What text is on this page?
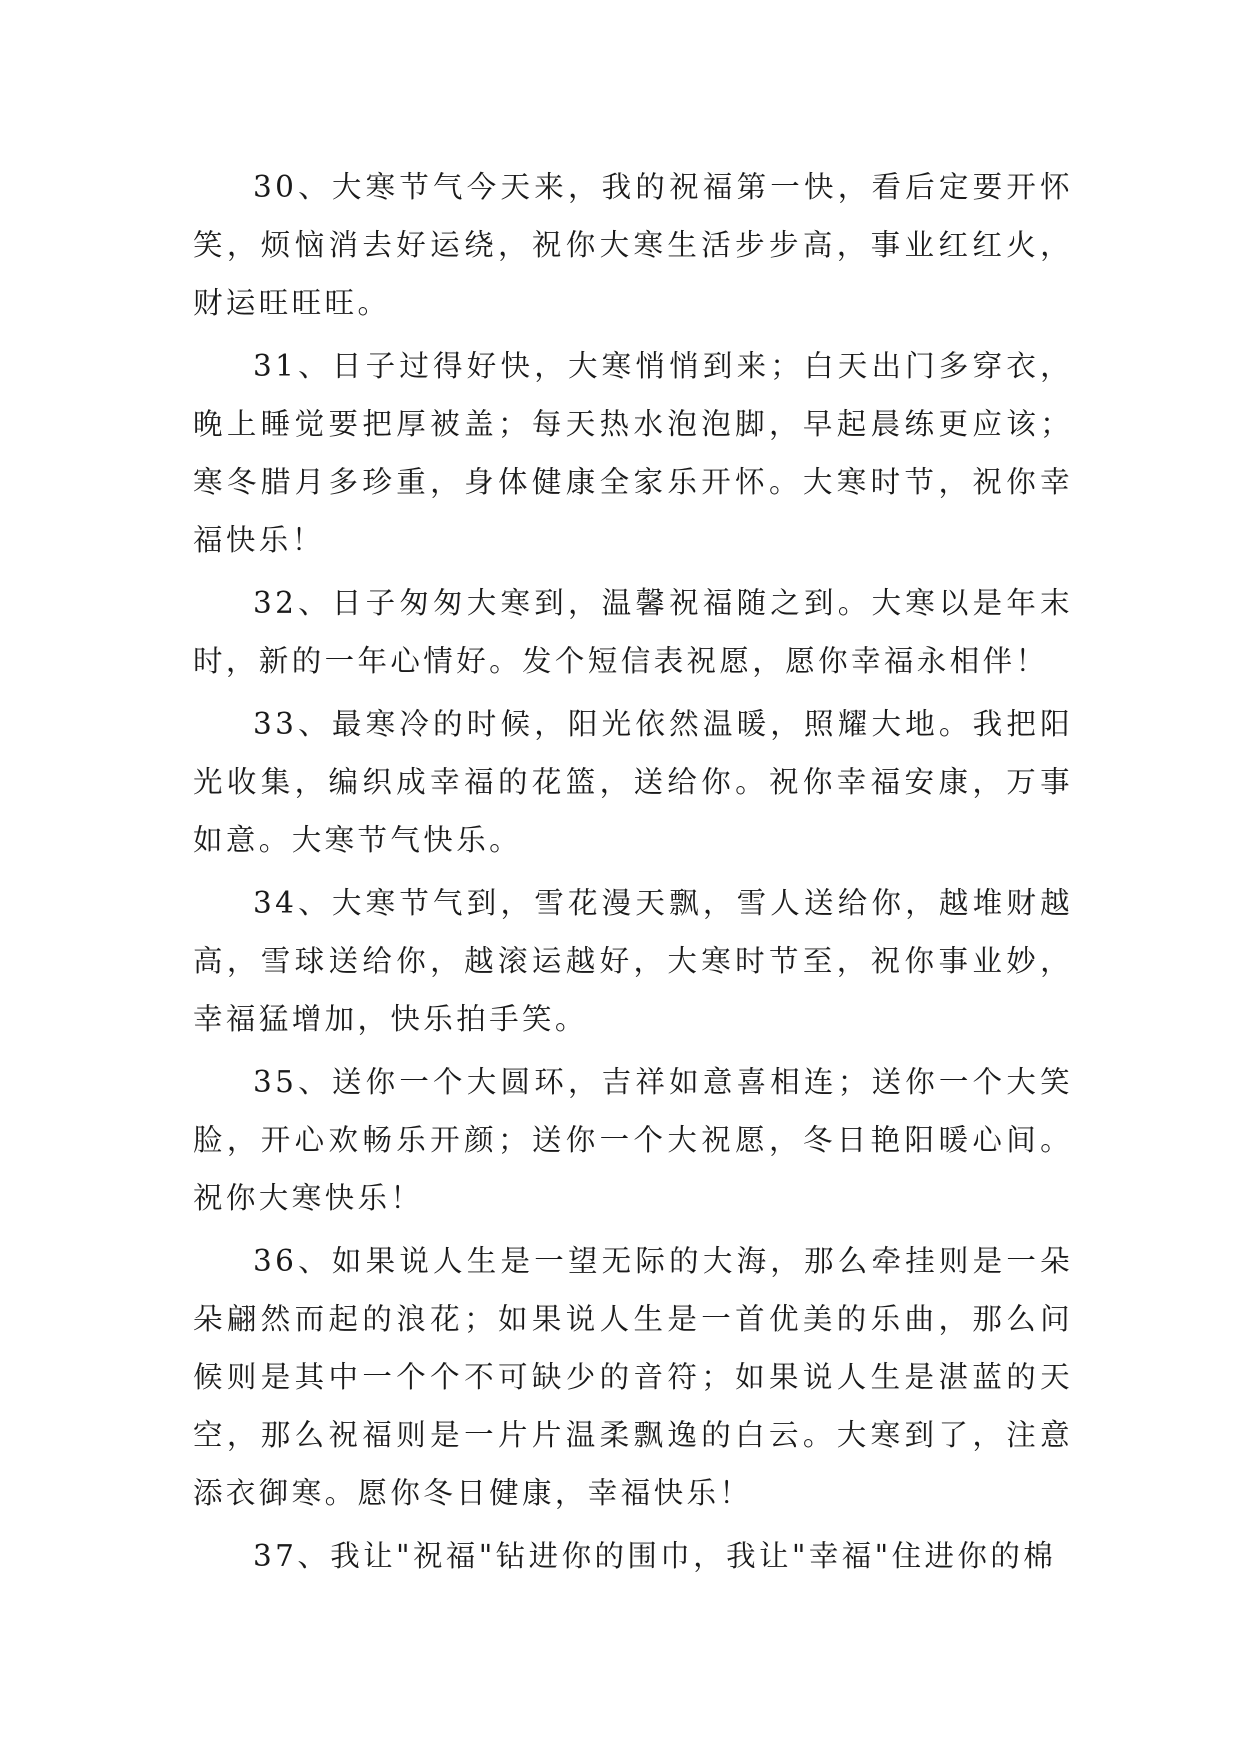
30、大寒节气今天来，我的祝福第一快，看后定要开怀笑，烦恼消去好运绕，祝你大寒生活步步高，事业红红火，财运旺旺旺。

31、日子过得好快，大寒悄悄到来；白天出门多穿衣，晚上睡觉要把厚被盖；每天热水泡泡脚，早起晨练更应该；寒冬腊月多珍重，身体健康全家乐开怀。大寒时节，祝你幸福快乐！

32、日子匆匆大寒到，温馨祝福随之到。大寒以是年末时，新的一年心情好。发个短信表祝愿，愿你幸福永相伴！

33、最寒冷的时候，阳光依然温暖，照耀大地。我把阳光收集，编织成幸福的花篮，送给你。祝你幸福安康，万事如意。大寒节气快乐。

34、大寒节气到，雪花漫天飘，雪人送给你，越堆财越高，雪球送给你，越滚运越好，大寒时节至，祝你事业妙，幸福猛增加，快乐拍手笑。

35、送你一个大圆环，吉祥如意喜相连；送你一个大笑脸，开心欢畅乐开颜；送你一个大祝愿，冬日艳阳暖心间。祝你大寒快乐！

36、如果说人生是一望无际的大海，那么牵挂则是一朵朵翩然而起的浪花；如果说人生是一首优美的乐曲，那么问候则是其中一个个不可缺少的音符；如果说人生是湛蓝的天空，那么祝福则是一片片温柔飘逸的白云。大寒到了，注意添衣御寒。愿你冬日健康，幸福快乐！

37、我让"祝福"钻进你的围巾，我让"幸福"住进你的棉
